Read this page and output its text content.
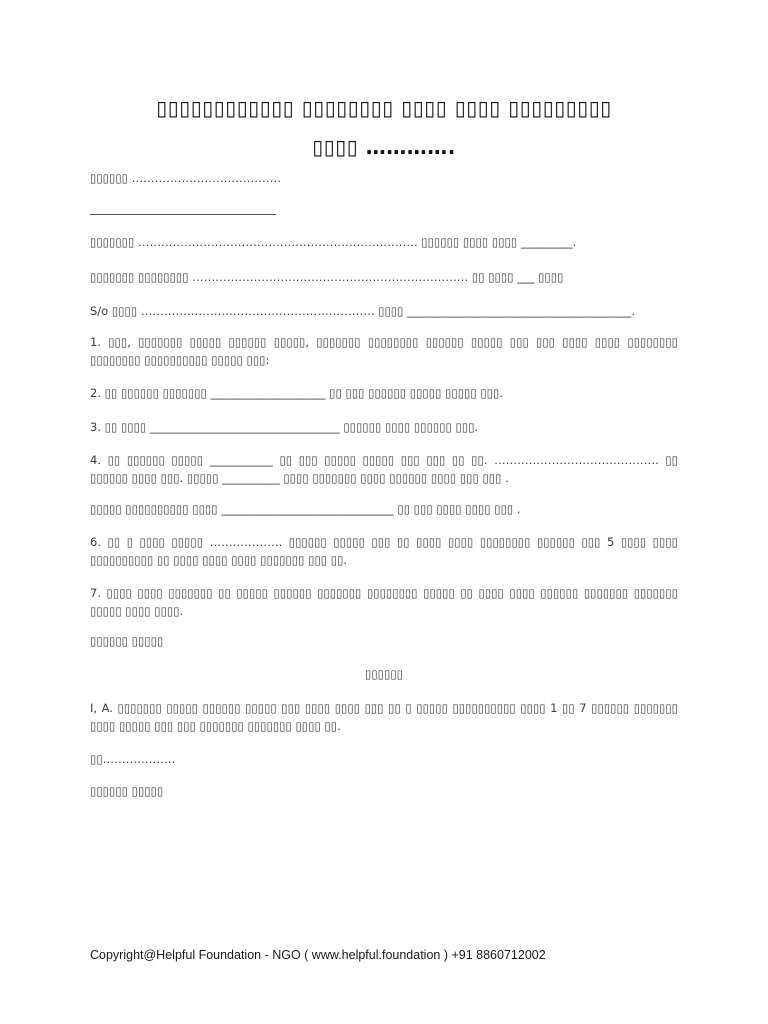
▯▯▯▯▯▯▯▯▯▯▯▯ ▯▯▯▯▯▯▯▯ ▯▯▯▯ ▯▯▯▯ ▯▯▯▯▯▯▯▯▯
▯▯▯▯ ………….
▯▯▯▯▯▯ …………………………………
▯▯▯▯▯▯▯ ………………………………………………………………. ▯▯▯▯▯▯ ▯▯▯▯ ▯▯▯▯ _________.
▯▯▯▯▯▯▯ ▯▯▯▯▯▯▯▯ ……………………………………………………………… ▯▯ ▯▯▯▯ ___ ▯▯▯▯
S/o ▯▯▯▯ ……………………………………………………. ▯▯▯▯ _______________________________________.
1. ▯▯▯, ▯▯▯▯▯▯▯ ▯▯▯▯▯ ▯▯▯▯▯▯ ▯▯▯▯▯, ▯▯▯▯▯▯▯ ▯▯▯▯▯▯▯▯ ▯▯▯▯▯▯ ▯▯▯▯▯ ▯▯▯ ▯▯▯ ▯▯▯▯ ▯▯▯▯ ▯▯▯▯▯▯▯▯ ▯▯▯▯▯▯▯▯ ▯▯▯▯▯▯▯▯▯▯ ▯▯▯▯▯ ▯▯▯:
2. ▯▯ ▯▯▯▯▯▯ ▯▯▯▯▯▯▯ ____________________ ▯▯ ▯▯▯ ▯▯▯▯▯▯ ▯▯▯▯▯ ▯▯▯▯▯ ▯▯▯.
3. ▯▯ ▯▯▯▯ _________________________________ ▯▯▯▯▯▯ ▯▯▯▯ ▯▯▯▯▯▯ ▯▯▯.
4. ▯▯ ▯▯▯▯▯▯ ▯▯▯▯▯ ___________ ▯▯ ▯▯▯ ▯▯▯▯▯ ▯▯▯▯▯ ▯▯▯ ▯▯▯ ▯▯ ▯▯. ……………………………………. ▯▯ ▯▯▯▯▯▯ ▯▯▯▯ ▯▯▯. ▯▯▯▯▯ __________ ▯▯▯▯ ▯▯▯▯▯▯▯ ▯▯▯▯ ▯▯▯▯▯▯ ▯▯▯▯ ▯▯▯ ▯▯▯ .
▯▯▯▯▯ ▯▯▯▯▯▯▯▯▯▯ ▯▯▯▯ ______________________________ ▯▯ ▯▯▯ ▯▯▯▯ ▯▯▯▯ ▯▯▯ .
6. ▯▯ ▯ ▯▯▯▯ ▯▯▯▯▯ ………………. ▯▯▯▯▯▯ ▯▯▯▯▯ ▯▯▯ ▯▯ ▯▯▯▯ ▯▯▯▯ ▯▯▯▯▯▯▯▯ ▯▯▯▯▯▯ ▯▯▯ 5 ▯▯▯▯ ▯▯▯▯ ▯▯▯▯▯▯▯▯▯▯ ▯▯ ▯▯▯▯ ▯▯▯▯ ▯▯▯▯ ▯▯▯▯▯▯▯ ▯▯▯ ▯▯.
7. ▯▯▯▯ ▯▯▯▯ ▯▯▯▯▯▯▯ ▯▯ ▯▯▯▯▯ ▯▯▯▯▯▯ ▯▯▯▯▯▯▯ ▯▯▯▯▯▯▯▯ ▯▯▯▯▯ ▯▯ ▯▯▯▯ ▯▯▯▯ ▯▯▯▯▯▯ ▯▯▯▯▯▯▯ ▯▯▯▯▯▯▯ ▯▯▯▯▯ ▯▯▯▯ ▯▯▯▯.
▯▯▯▯▯▯ ▯▯▯▯▯
▯▯▯▯▯▯
I, A. ▯▯▯▯▯▯▯ ▯▯▯▯▯ ▯▯▯▯▯▯ ▯▯▯▯▯ ▯▯▯ ▯▯▯▯ ▯▯▯▯ ▯▯▯ ▯▯ ▯ ▯▯▯▯▯ ▯▯▯▯▯▯▯▯▯▯ ▯▯▯▯ 1 ▯▯ 7 ▯▯▯▯▯▯ ▯▯▯▯▯▯▯ ▯▯▯▯ ▯▯▯▯▯ ▯▯▯ ▯▯▯ ▯▯▯▯▯▯▯ ▯▯▯▯▯▯▯ ▯▯▯▯ ▯▯.
▯▯……………….
▯▯▯▯▯▯ ▯▯▯▯▯
Copyright@Helpful Foundation - NGO ( www.helpful.foundation ) +91 8860712002
